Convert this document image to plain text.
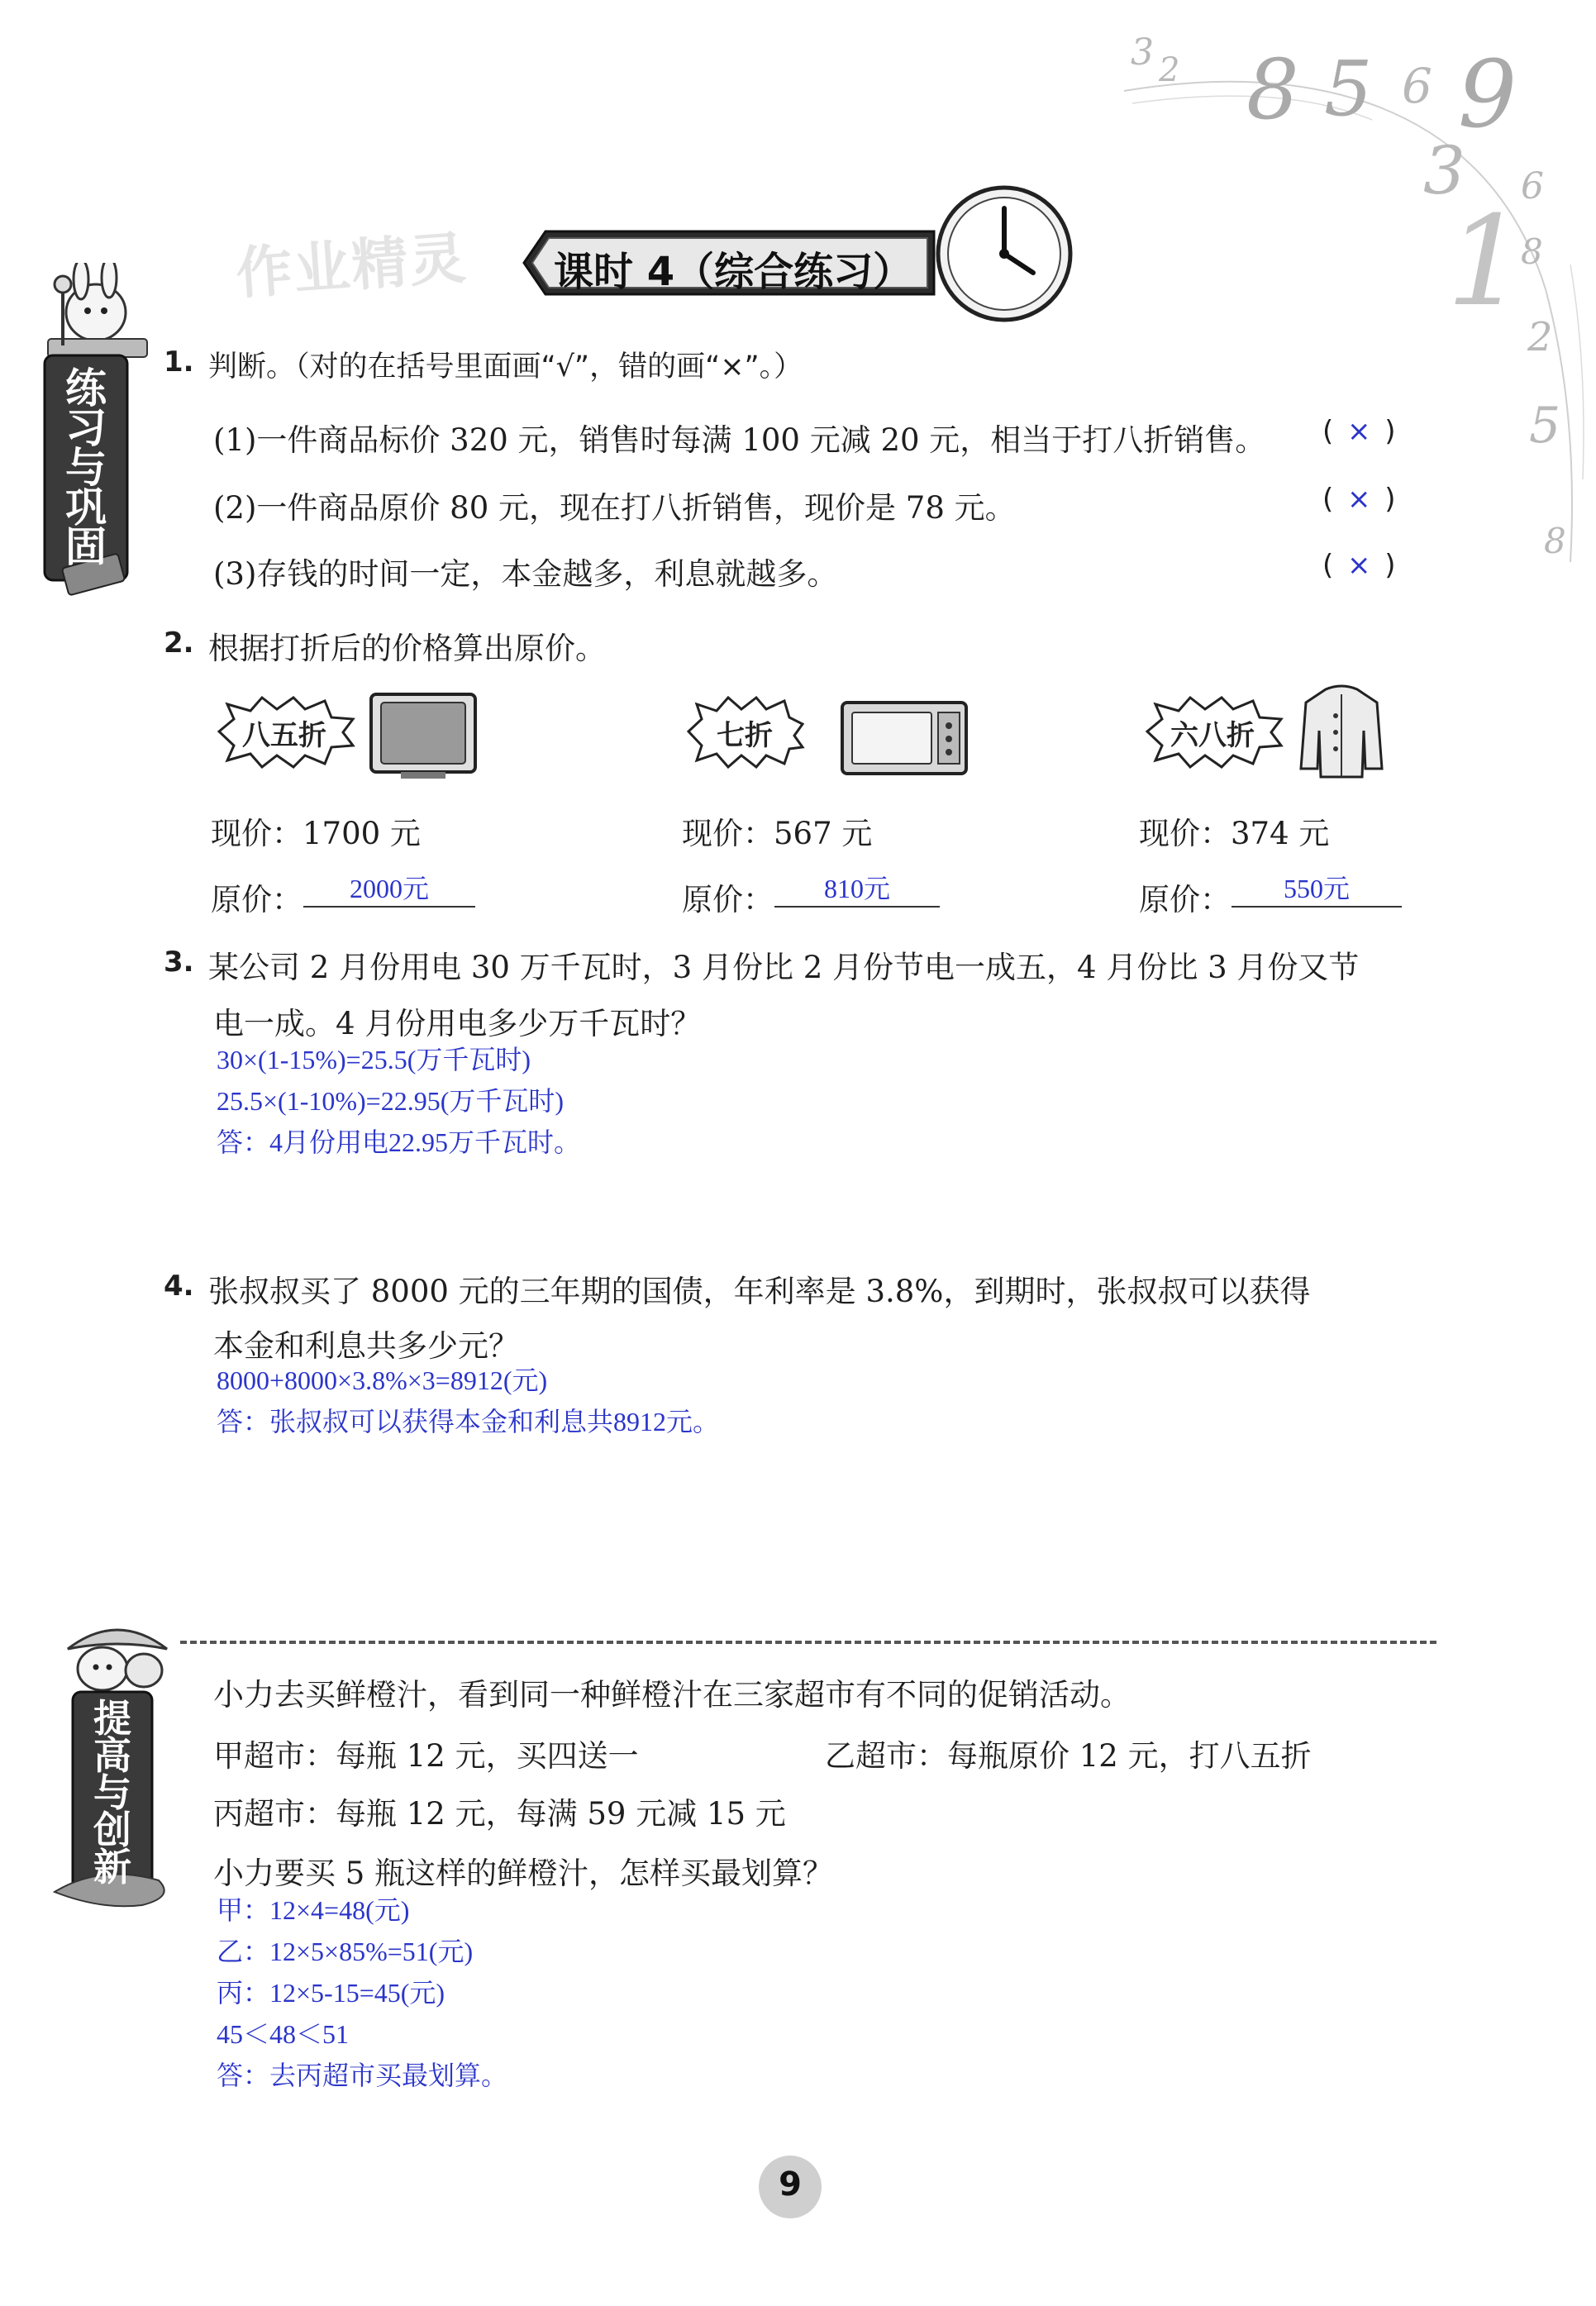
3 2 8 5 6 9
3 6
1
8
2
5
8
作业精灵 课时 4（综合练习）
练习与巩固
1. 判断。（对的在括号里面画“√”，错的画“×”。）
(1)一件商品标价 320 元，销售时每满 100 元减 20 元，相当于打八折销售。 ( × )
(2)一件商品原价 80 元，现在打八折销售，现价是 78 元。	( × )
(3)存钱的时间一定，本金越多，利息就越多。	( × )
2. 根据打折后的价格算出原价。
八五折
现价：1700 元
原价：	2000元
七折
现价：567 元
原价：	810元
六八折
现价：374 元
原价：	550元
3. 某公司 2 月份用电 30 万千瓦时，3 月份比 2 月份节电一成五，4 月份比 3 月份又节
电一成。4 月份用电多少万千瓦时？
30×(1-15%)=25.5(万千瓦时)
25.5×(1-10%)=22.95(万千瓦时)
答：4月份用电22.95万千瓦时。
4. 张叔叔买了 8000 元的三年期的国债，年利率是 3.8%，到期时，张叔叔可以获得
本金和利息共多少元？
8000+8000×3.8%×3=8912(元)
答：张叔叔可以获得本金和利息共8912元。
提高与创新
小力去买鲜橙汁，看到同一种鲜橙汁在三家超市有不同的促销活动。
甲超市：每瓶 12 元，买四送一	乙超市：每瓶原价 12 元，打八五折
丙超市：每瓶 12 元，每满 59 元减 15 元
小力要买 5 瓶这样的鲜橙汁，怎样买最划算？
甲：12×4=48(元)
乙：12×5×85%=51(元)
丙：12×5-15=45(元)
45＜48＜51
答：去丙超市买最划算。
9
